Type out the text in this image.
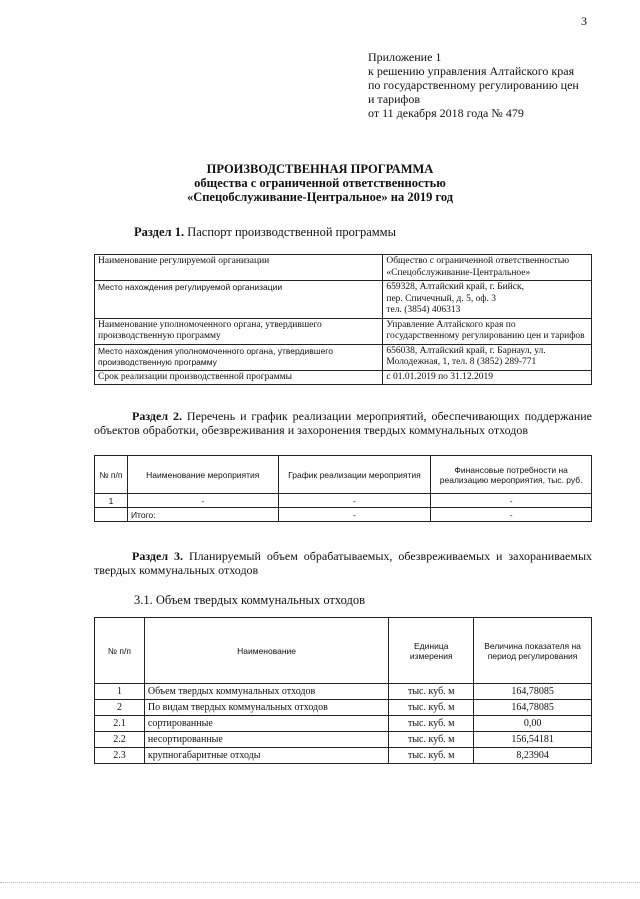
3
Приложение 1
к решению управления Алтайского края
по государственному регулированию цен
и тарифов
от 11 декабря 2018 года № 479
ПРОИЗВОДСТВЕННАЯ ПРОГРАММА
общества с ограниченной ответственностью
«Спецобслуживание-Центральное» на 2019 год
Раздел 1. Паспорт производственной программы
Наименование регулируемой организации	Общество с ограниченной ответственностью «Спецобслуживание-Центральное»
Место нахождения регулируемой организации	659328, Алтайский край, г. Бийск,
пер. Спичечный, д. 5, оф. 3
тел. (3854) 406313

Наименование уполномоченного органа, утвердившего производственную программу	Управление Алтайского края по государственному регулированию цен и тарифов
Место нахождения уполномоченного органа, утвердившего производственную программу	656038, Алтайский край, г. Барнаул, ул. Молодежная, 1, тел. 8 (3852) 289-771
Срок реализации производственной программы	с 01.01.2019 по 31.12.2019
Раздел 2. Перечень и график реализации мероприятий, обеспечивающих поддержание объектов обработки, обезвреживания и захоронения твердых коммунальных отходов
№ п/п	Наименование мероприятия	График реализации мероприятия	Финансовые потребности на реализацию мероприятия, тыс. руб.
1	-	-	-
	Итого:	-	-
Раздел 3. Планируемый объем обрабатываемых, обезвреживаемых и захораниваемых твердых коммунальных отходов
3.1. Объем твердых коммунальных отходов
№ п/п	Наименование	Единица измерения	Величина показателя на период регулирования
1	Объем твердых коммунальных отходов	тыс. куб. м	164,78085
2	По видам твердых коммунальных отходов	тыс. куб. м	164,78085
2.1	сортированные	тыс. куб. м	0,00
2.2	несортированные	тыс. куб. м	156,54181
2.3	крупногабаритные отходы	тыс. куб. м	8,23904
